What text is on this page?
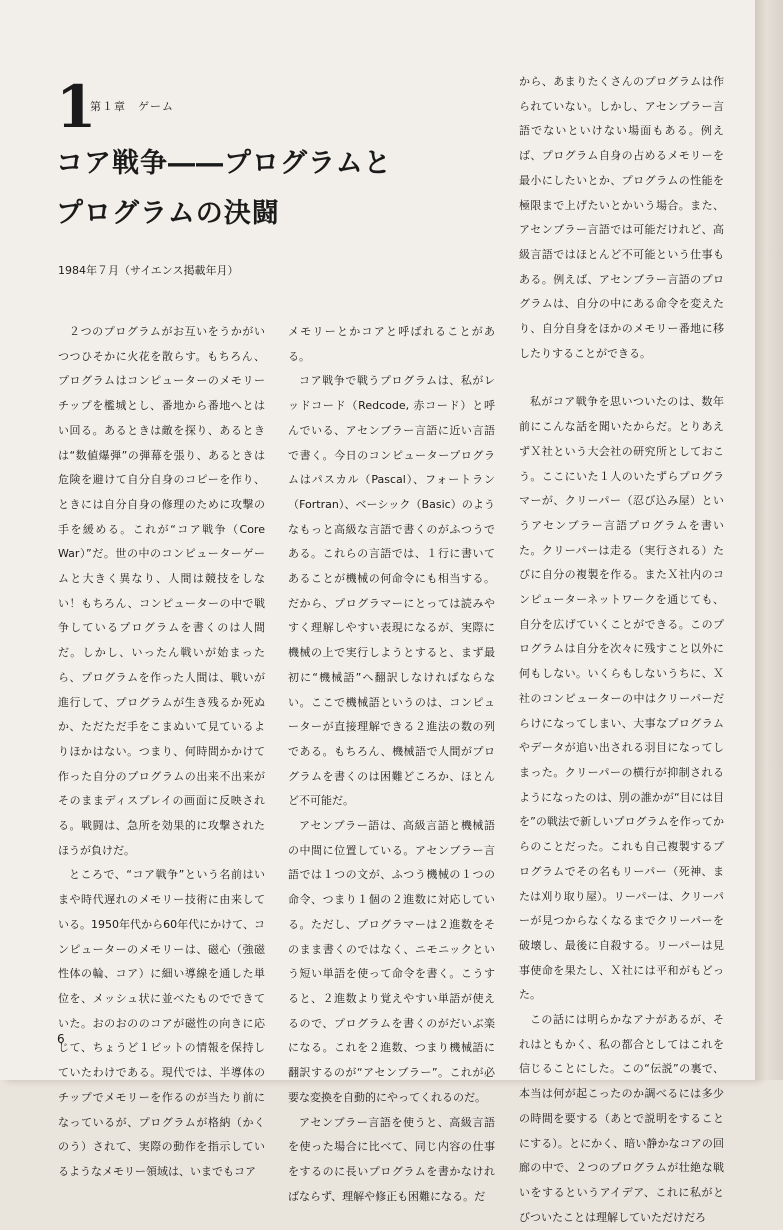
1
第１章　ゲーム
コア戦争――プログラムと
プログラムの決闘
1984年７月（サイエンス掲載年月）

２つのプログラムがお互いをうかがいつつひそかに火花を散らす。もちろん、プログラムはコンピューターのメモリーチップを檻城とし、番地から番地へとはい回る。あるときは敵を探り、あるときは“数値爆弾”の弾幕を張り、あるときは危険を避けて自分自身のコピーを作り、ときには自分自身の修理のために攻撃の手を緩める。これが“コア戦争（Core War）”だ。世の中のコンピューターゲームと大きく異なり、人間は競技をしない！もちろん、コンピューターの中で戦争しているプログラムを書くのは人間だ。しかし、いったん戦いが始まったら、プログラムを作った人間は、戦いが進行して、プログラムが生き残るか死ぬか、ただただ手をこまぬいて見ているよりほかはない。つまり、何時間かかけて作った自分のプログラムの出来不出来がそのままディスプレイの画面に反映される。戦闘は、急所を効果的に攻撃されたほうが負けだ。

ところで、“コア戦争”という名前はいまや時代遅れのメモリー技術に由来している。1950年代から60年代にかけて、コンピューターのメモリーは、磁心（強磁性体の輪、コア）に細い導線を通した単位を、メッシュ状に並べたものでできていた。おのおののコアが磁性の向きに応じて、ちょうど１ビットの情報を保持していたわけである。現代では、半導体のチップでメモリーを作るのが当たり前になっているが、プログラムが格納（かくのう）されて、実際の動作を指示しているようなメモリー領域は、いまでもコア

メモリーとかコアと呼ばれることがある。

コア戦争で戦うプログラムは、私がレッドコード（Redcode, 赤コード）と呼んでいる、アセンブラー言語に近い言語で書く。今日のコンピュータープログラムはパスカル（Pascal）、フォートラン（Fortran）、ベーシック（Basic）のようなもっと高級な言語で書くのがふつうである。これらの言語では、１行に書いてあることが機械の何命令にも相当する。だから、プログラマーにとっては読みやすく理解しやすい表現になるが、実際に機械の上で実行しようとすると、まず最初に“機械語”へ翻訳しなければならない。ここで機械語というのは、コンピューターが直接理解できる２進法の数の列である。もちろん、機械語で人間がプログラムを書くのは困難どころか、ほとんど不可能だ。

アセンブラー語は、高級言語と機械語の中間に位置している。アセンブラー言語では１つの文が、ふつう機械の１つの命令、つまり１個の２進数に対応している。ただし、プログラマーは２進数をそのまま書くのではなく、ニモニックという短い単語を使って命令を書く。こうすると、２進数より覚えやすい単語が使えるので、プログラムを書くのがだいぶ楽になる。これを２進数、つまり機械語に翻訳するのが“アセンブラー”。これが必要な変換を自動的にやってくれるのだ。

アセンブラー言語を使うと、高級言語を使った場合に比べて、同じ内容の仕事をするのに長いプログラムを書かなければならず、理解や修正も困難になる。だ

から、あまりたくさんのプログラムは作られていない。しかし、アセンブラー言語でないといけない場面もある。例えば、プログラム自身の占めるメモリーを最小にしたいとか、プログラムの性能を極限まで上げたいとかいう場合。また、アセンブラー言語では可能だけれど、高級言語ではほとんど不可能という仕事もある。例えば、アセンブラー言語のプログラムは、自分の中にある命令を変えたり、自分自身をほかのメモリー番地に移したりすることができる。

私がコア戦争を思いついたのは、数年前にこんな話を聞いたからだ。とりあえずＸ社という大会社の研究所としておこう。ここにいた１人のいたずらプログラマーが、クリーパー（忍び込み屋）というアセンブラー言語プログラムを書いた。クリーパーは走る（実行される）たびに自分の複製を作る。またＸ社内のコンピューターネットワークを通じても、自分を広げていくことができる。このプログラムは自分を次々に残すこと以外に何もしない。いくらもしないうちに、Ｘ社のコンピューターの中はクリーパーだらけになってしまい、大事なプログラムやデータが追い出される羽目になってしまった。クリーパーの横行が抑制されるようになったのは、別の誰かが“目には目を”の戦法で新しいプログラムを作ってからのことだった。これも自己複製するプログラムでその名もリーパー（死神、または刈り取り屋）。リーパーは、クリーパーが見つからなくなるまでクリーパーを破壊し、最後に自殺する。リーパーは見事使命を果たし、Ｘ社には平和がもどった。

この話には明らかなアナがあるが、それはともかく、私の都合としてはこれを信じることにした。この“伝説”の裏で、本当は何が起こったのか調べるには多少の時間を要する（あとで説明をすることにする）。とにかく、暗い静かなコアの回廊の中で、２つのプログラムが壮絶な戦いをするというアイデア、これに私がとびついたことは理解していただけだろ

6
